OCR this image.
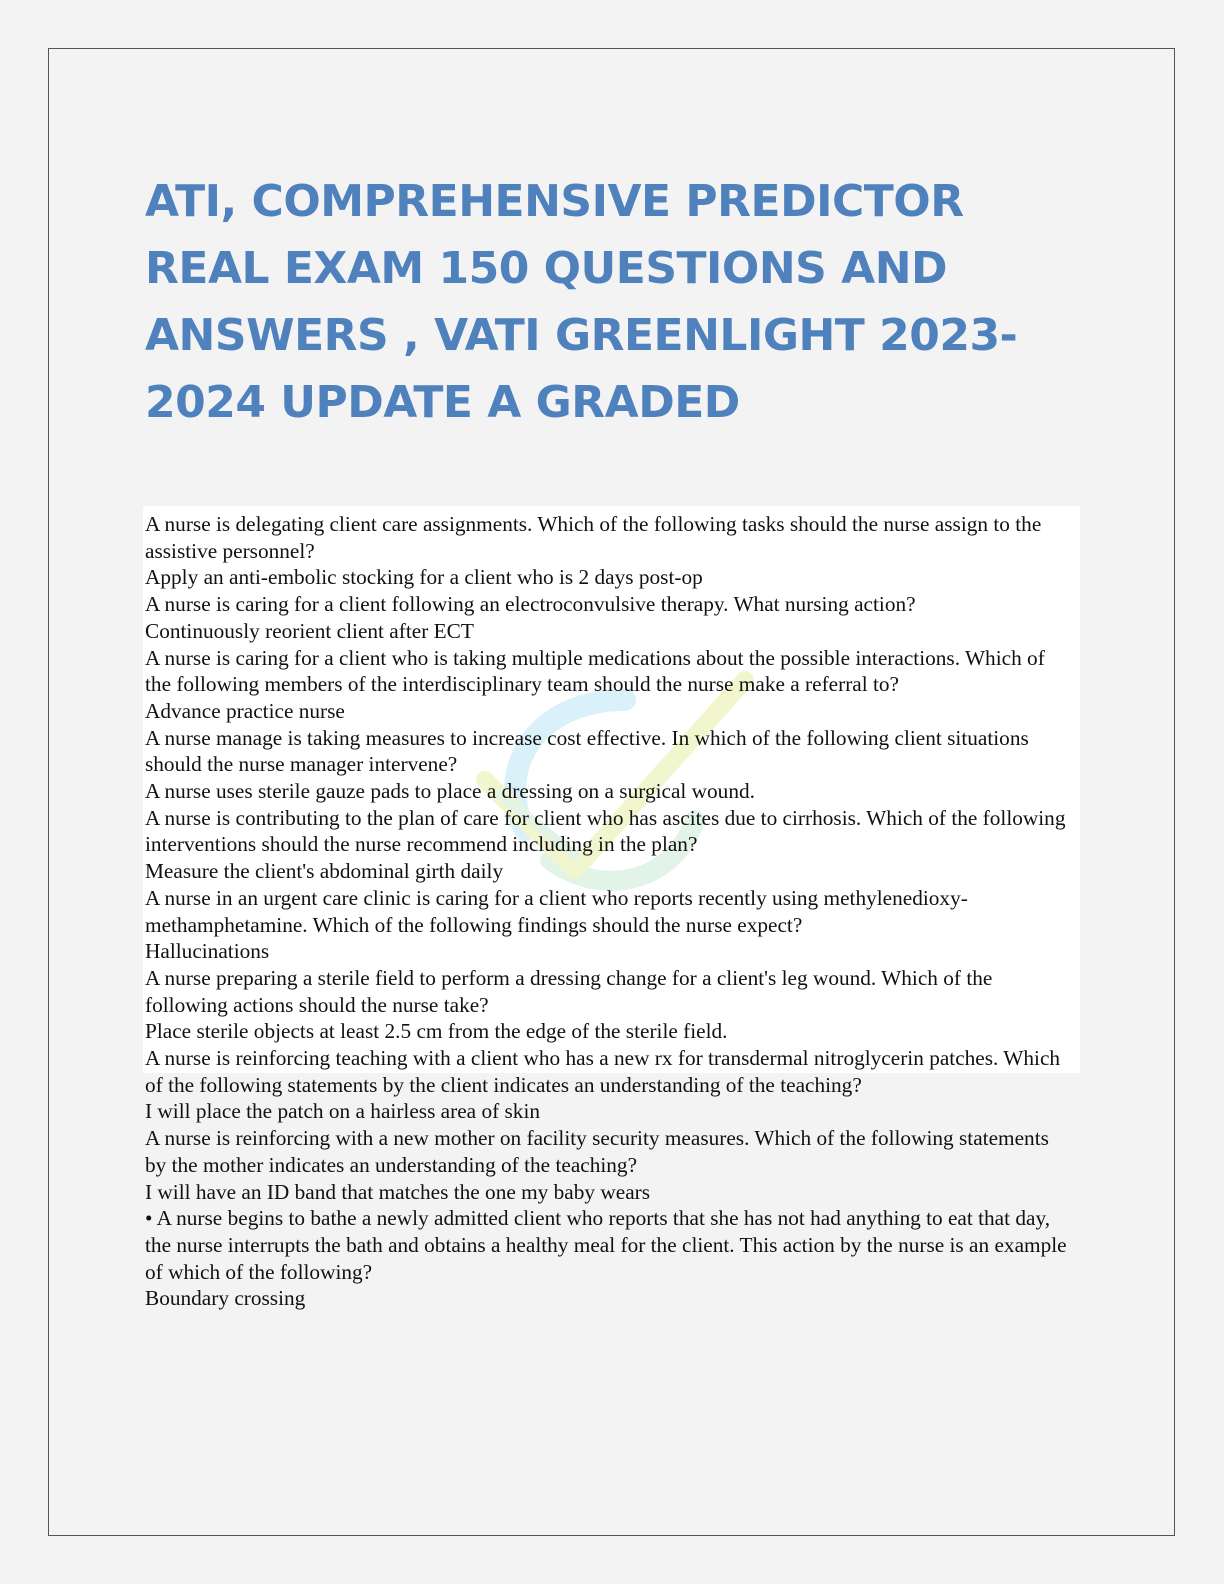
ATI, COMPREHENSIVE PREDICTOR REAL EXAM 150 QUESTIONS AND ANSWERS , VATI GREENLIGHT 2023-2024 UPDATE A GRADED
A nurse is delegating client care assignments. Which of the following tasks should the nurse assign to the assistive personnel?
Apply an anti-embolic stocking for a client who is 2 days post-op
A nurse is caring for a client following an electroconvulsive therapy. What nursing action?
Continuously reorient client after ECT
A nurse is caring for a client who is taking multiple medications about the possible interactions. Which of the following members of the interdisciplinary team should the nurse make a referral to?
Advance practice nurse
A nurse manage is taking measures to increase cost effective. In which of the following client situations should the nurse manager intervene?
A nurse uses sterile gauze pads to place a dressing on a surgical wound.
A nurse is contributing to the plan of care for client who has ascites due to cirrhosis. Which of the following interventions should the nurse recommend including in the plan?
Measure the client's abdominal girth daily
A nurse in an urgent care clinic is caring for a client who reports recently using methylenedioxy-methamphetamine. Which of the following findings should the nurse expect?
Hallucinations
A nurse preparing a sterile field to perform a dressing change for a client's leg wound. Which of the following actions should the nurse take?
Place sterile objects at least 2.5 cm from the edge of the sterile field.
A nurse is reinforcing teaching with a client who has a new rx for transdermal nitroglycerin patches. Which of the following statements by the client indicates an understanding of the teaching?
I will place the patch on a hairless area of skin
A nurse is reinforcing with a new mother on facility security measures. Which of the following statements by the mother indicates an understanding of the teaching?
I will have an ID band that matches the one my baby wears
• A nurse begins to bathe a newly admitted client who reports that she has not had anything to eat that day, the nurse interrupts the bath and obtains a healthy meal for the client. This action by the nurse is an example of which of the following?
Boundary crossing
